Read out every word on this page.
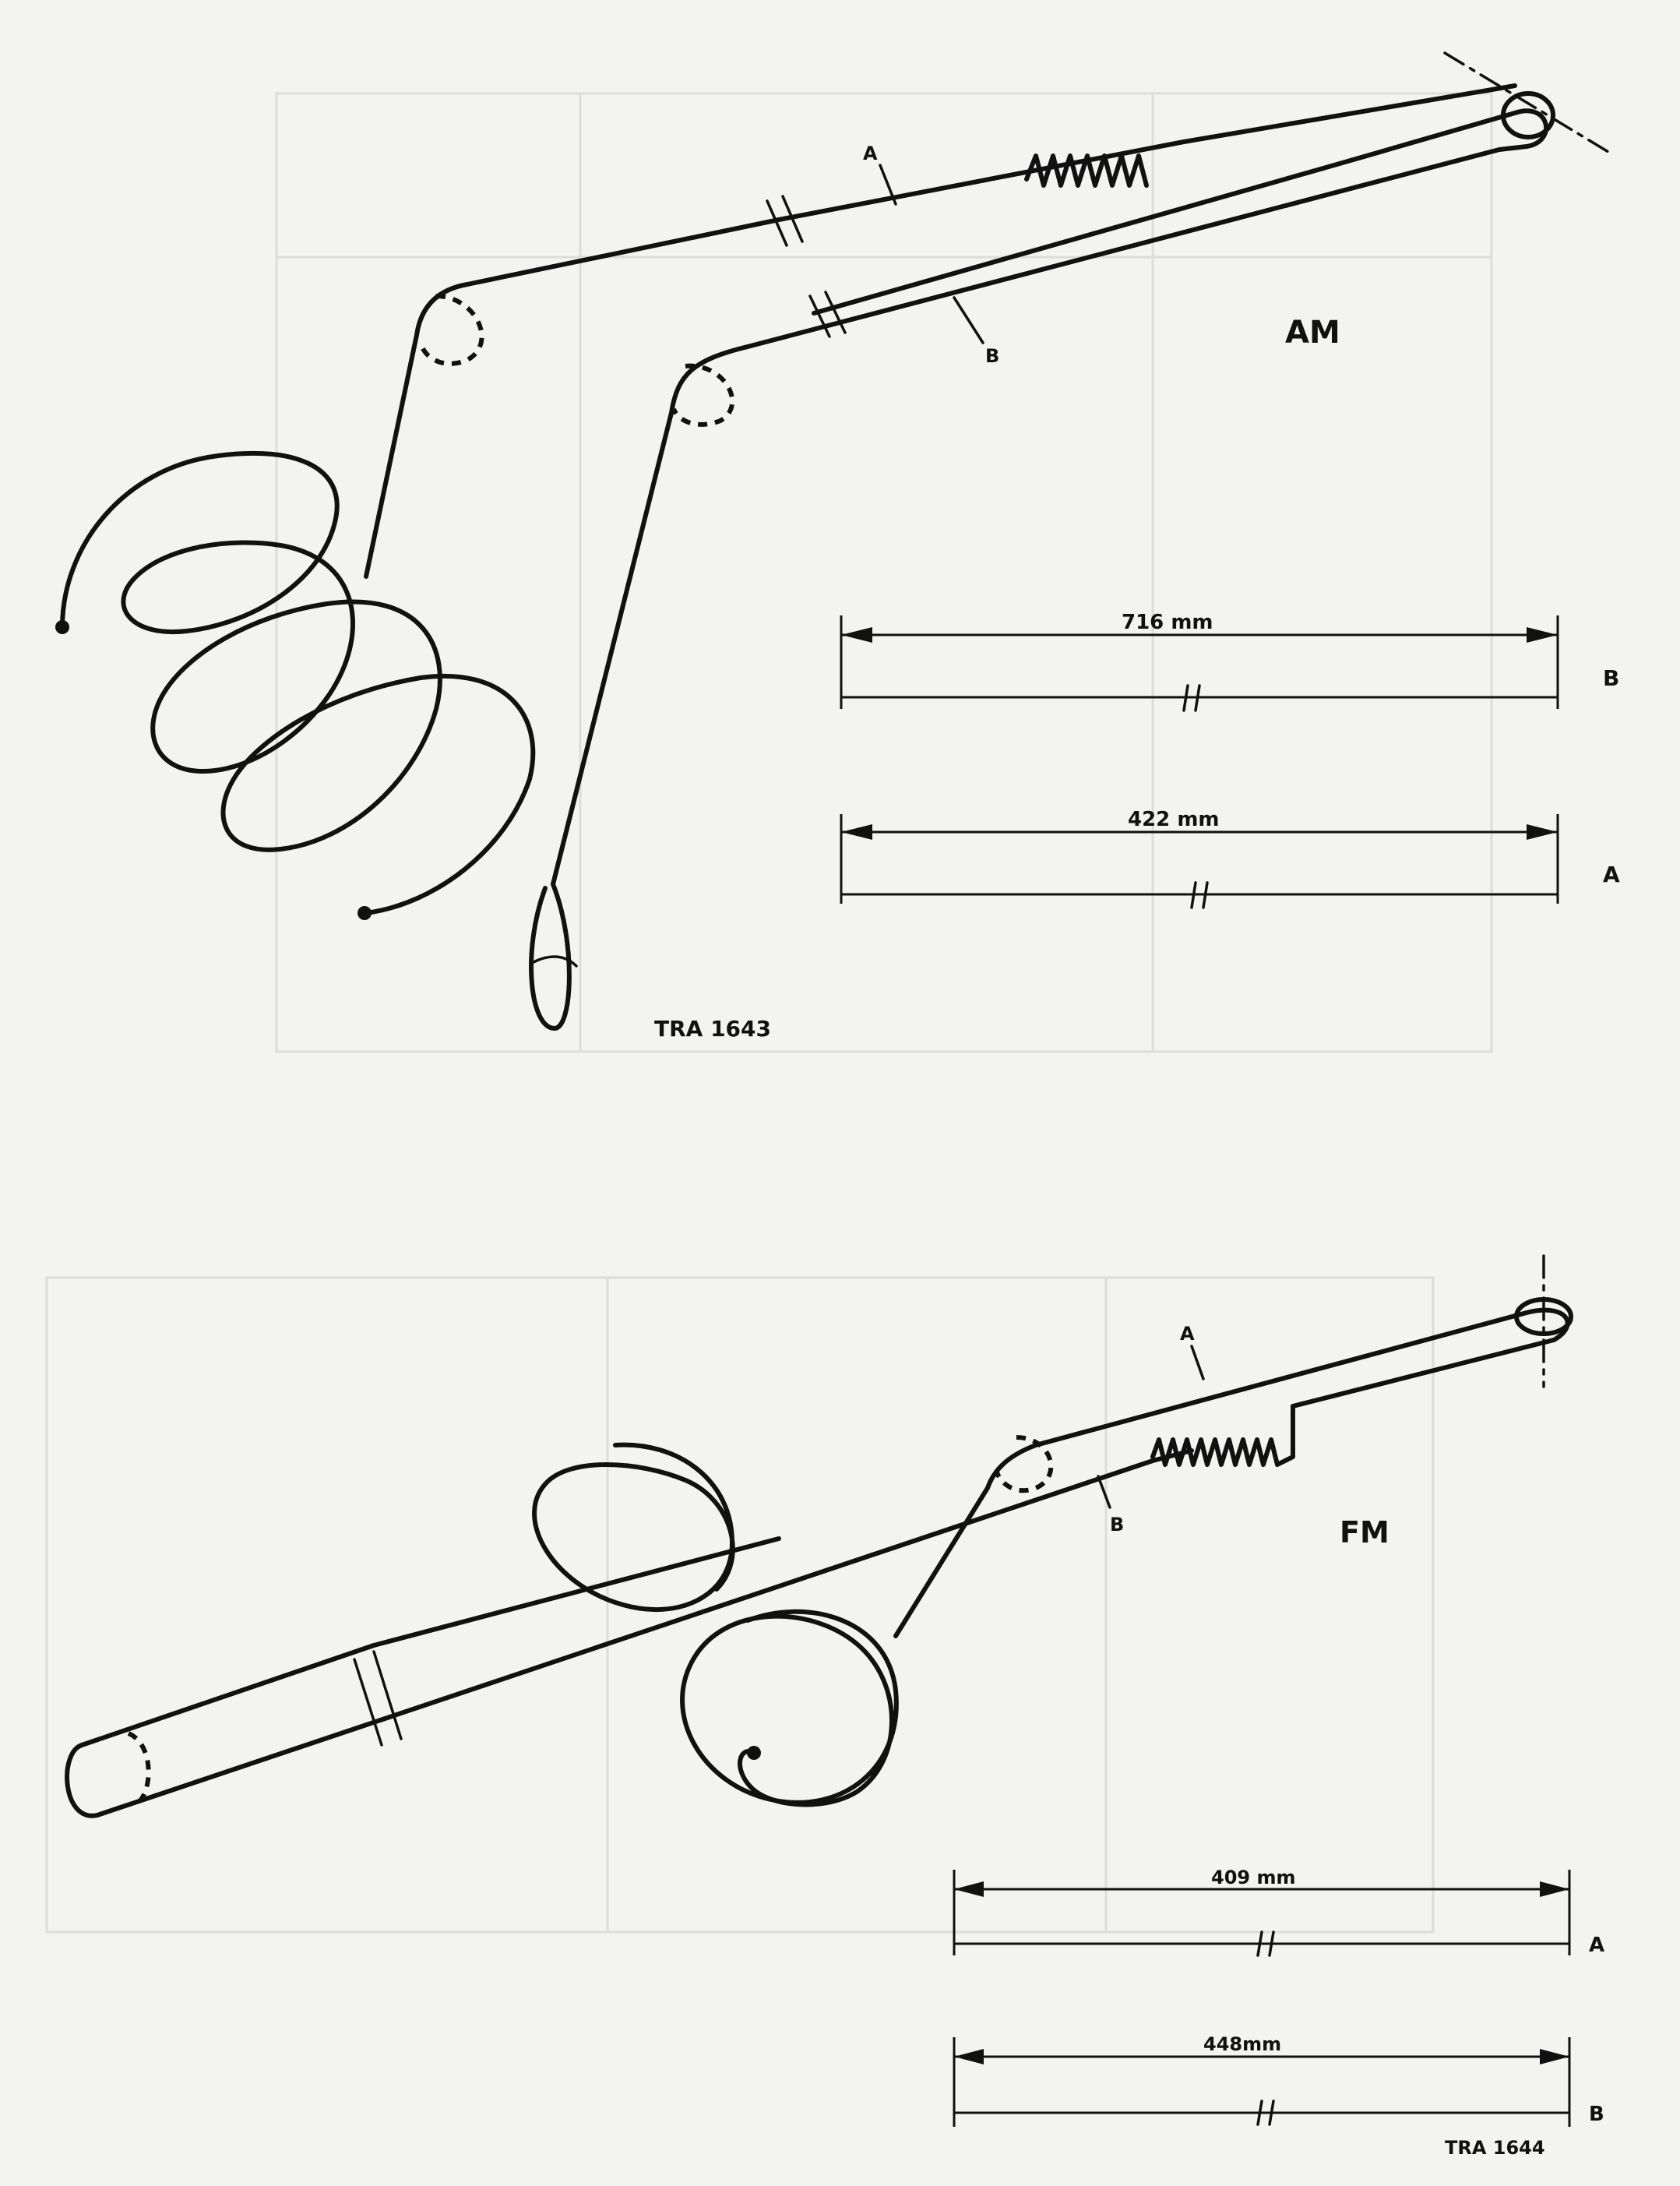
A
B
AM
TRA 1643
716 mm
B
422 mm
A
A
B	FM
TRA 1644
409 mm
A
448mm
B
